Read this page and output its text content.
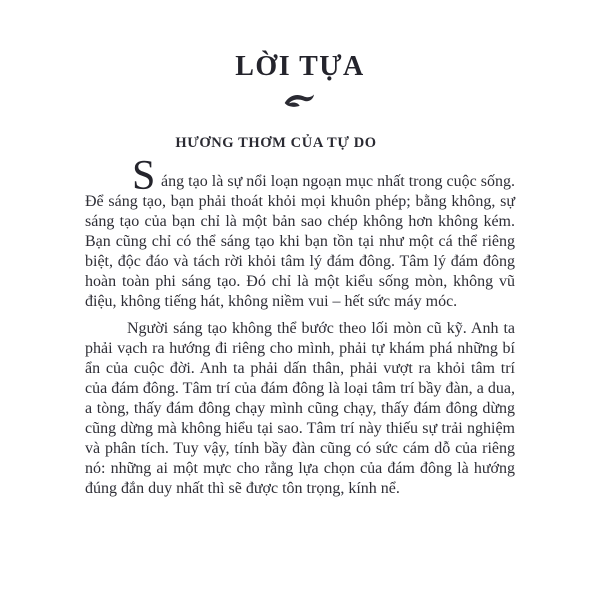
LỜI TỰA
HƯƠNG THƠM CỦA TỰ DO

S áng tạo là sự nổi loạn ngoạn mục nhất trong cuộc sống. Để sáng tạo, bạn phải thoát khỏi mọi khuôn phép; bằng không, sự sáng tạo của bạn chỉ là một bản sao chép không hơn không kém. Bạn cũng chỉ có thể sáng tạo khi bạn tồn tại như một cá thể riêng biệt, độc đáo và tách rời khỏi tâm lý đám đông. Tâm lý đám đông hoàn toàn phi sáng tạo. Đó chỉ là một kiểu sống mòn, không vũ điệu, không tiếng hát, không niềm vui – hết sức máy móc.

Người sáng tạo không thể bước theo lối mòn cũ kỹ. Anh ta phải vạch ra hướng đi riêng cho mình, phải tự khám phá những bí ẩn của cuộc đời. Anh ta phải dấn thân, phải vượt ra khỏi tâm trí của đám đông. Tâm trí của đám đông là loại tâm trí bầy đàn, a dua, a tòng, thấy đám đông chạy mình cũng chạy, thấy đám đông dừng cũng dừng mà không hiểu tại sao. Tâm trí này thiếu sự trải nghiệm và phân tích. Tuy vậy, tính bầy đàn cũng có sức cám dỗ của riêng nó: những ai một mực cho rằng lựa chọn của đám đông là hướng đúng đắn duy nhất thì sẽ được tôn trọng, kính nể.
